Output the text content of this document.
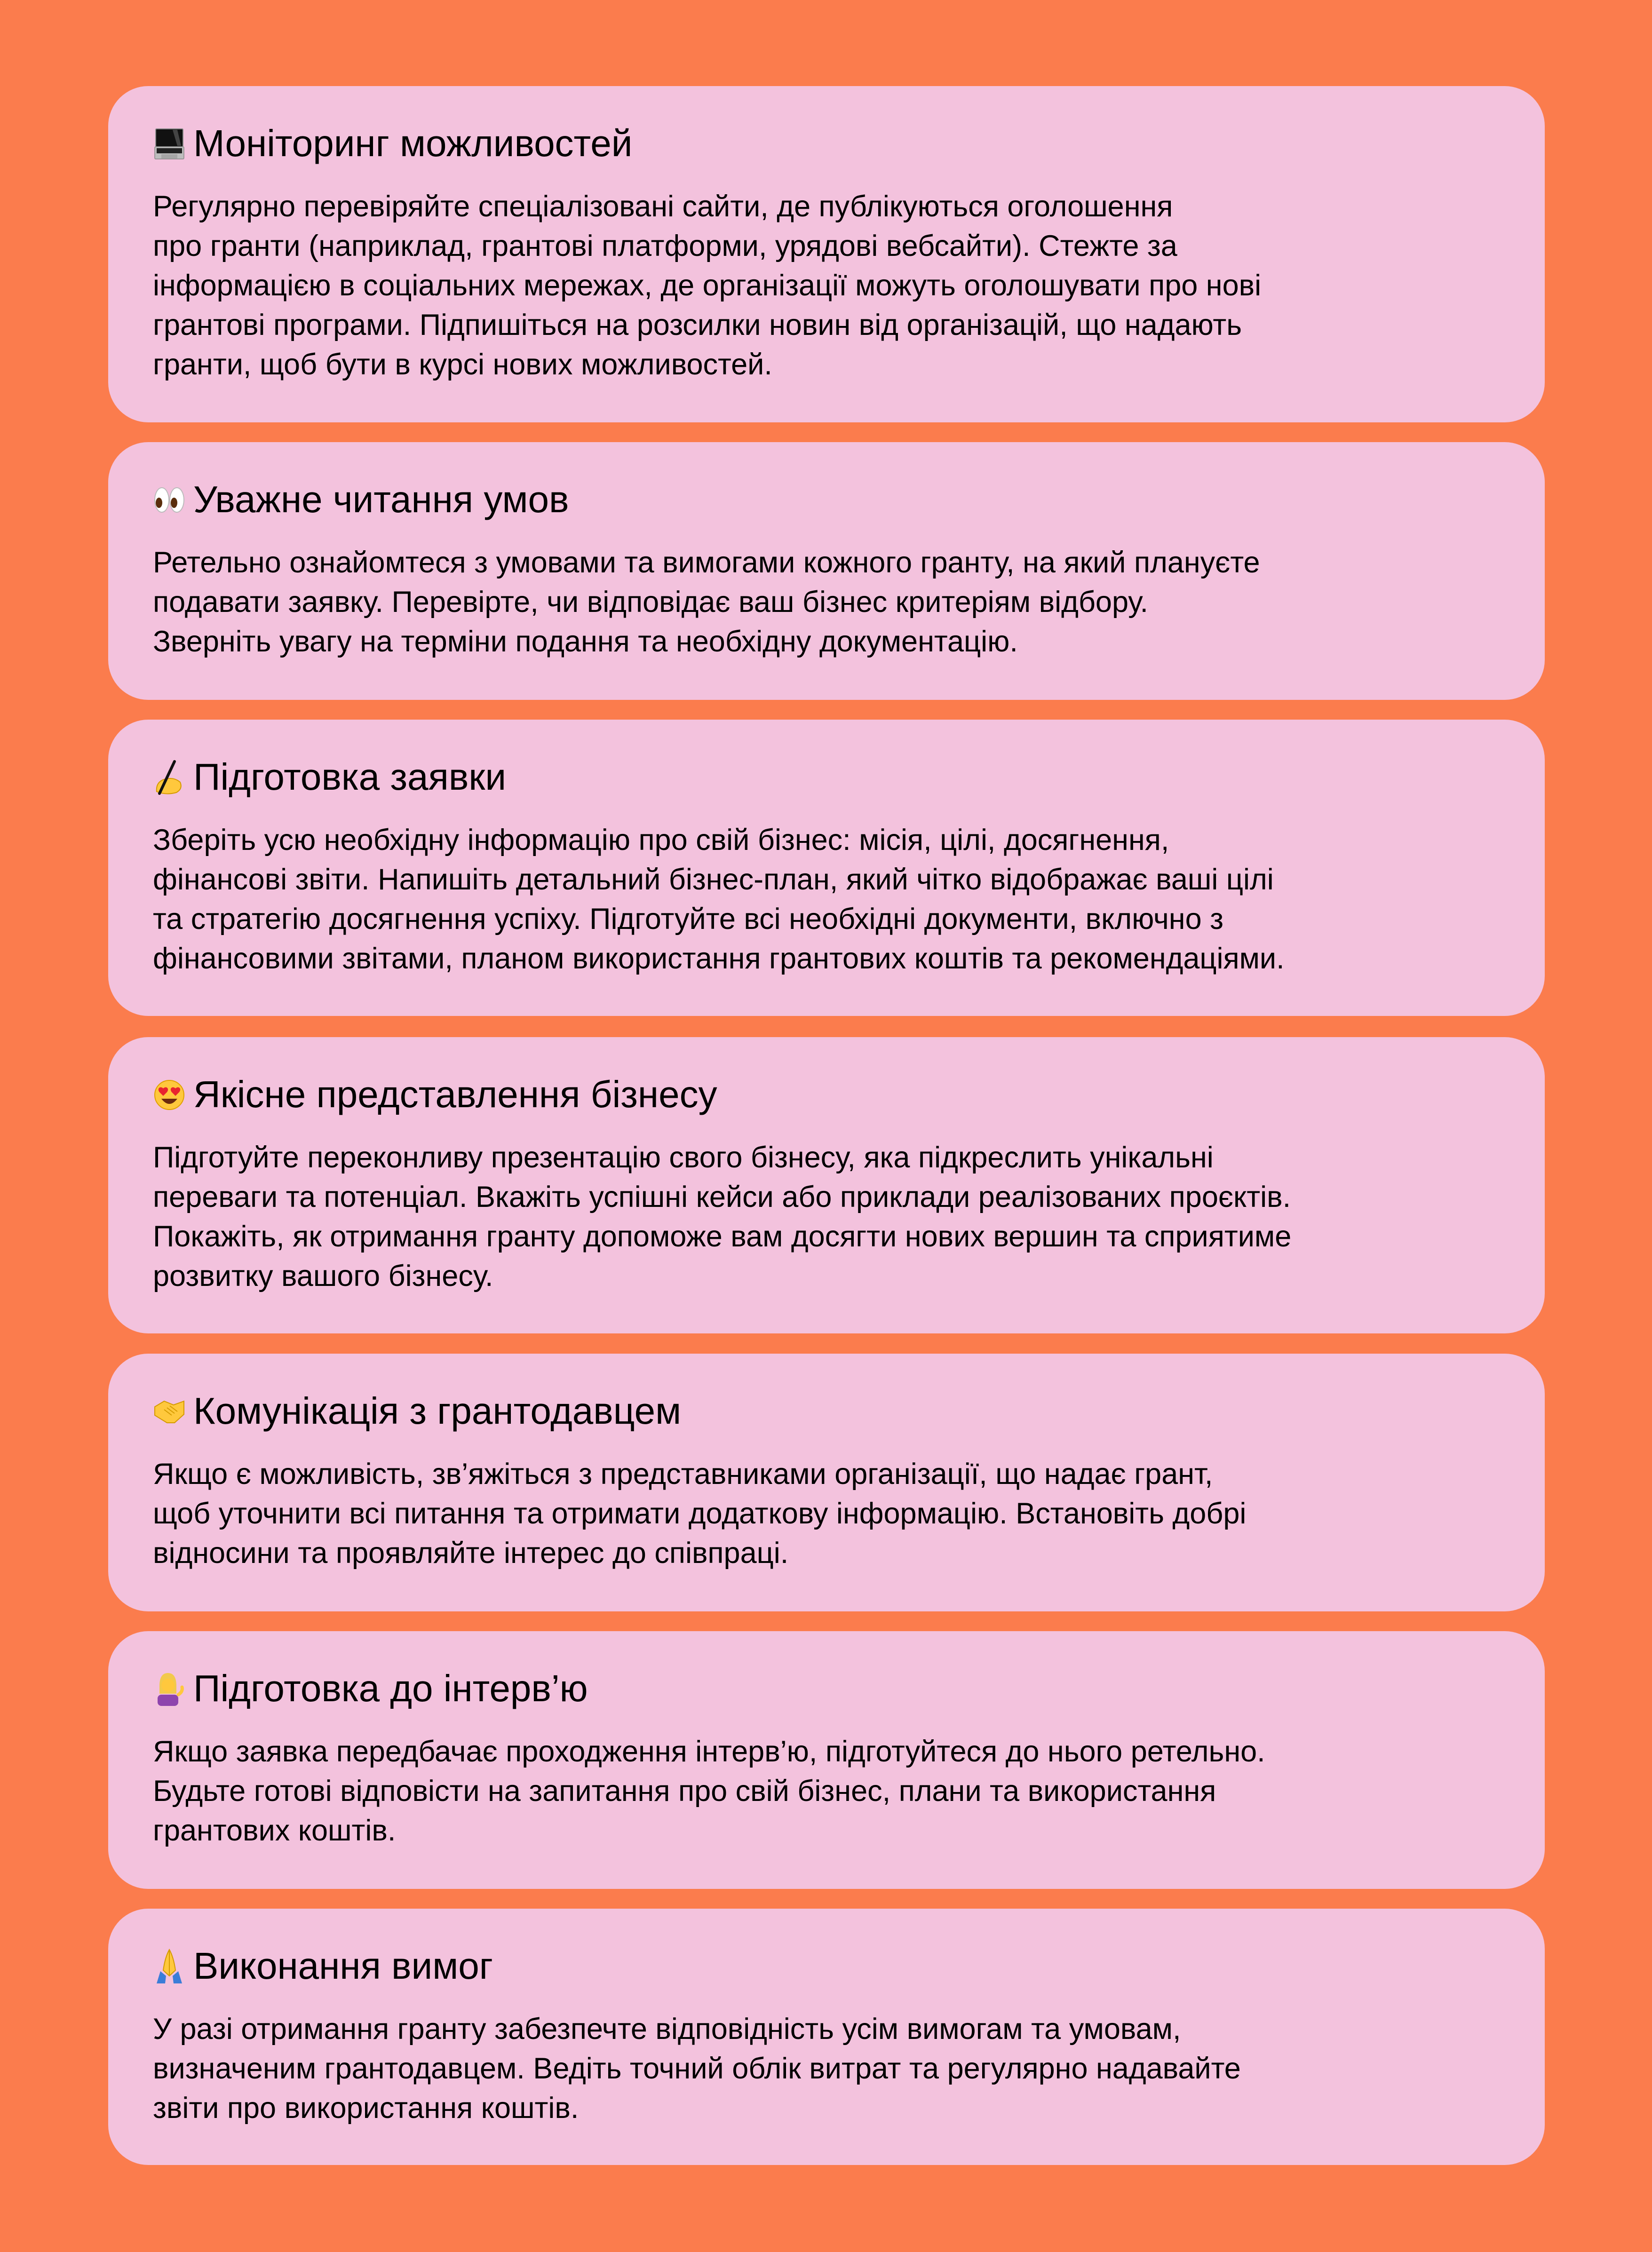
Моніторинг можливостей

Регулярно перевіряйте спеціалізовані сайти, де публікуються оголошення
про гранти (наприклад, грантові платформи, урядові вебсайти). Стежте за
інформацією в соціальних мережах, де організації можуть оголошувати про нові
грантові програми. Підпишіться на розсилки новин від організацій, що надають
гранти, щоб бути в курсі нових можливостей.

Уважне читання умов

Ретельно ознайомтеся з умовами та вимогами кожного гранту, на який плануєте
подавати заявку. Перевірте, чи відповідає ваш бізнес критеріям відбору.
Зверніть увагу на терміни подання та необхідну документацію.

Підготовка заявки

Зберіть усю необхідну інформацію про свій бізнес: місія, цілі, досягнення,
фінансові звіти. Напишіть детальний бізнес-план, який чітко відображає ваші цілі
та стратегію досягнення успіху. Підготуйте всі необхідні документи, включно з
фінансовими звітами, планом використання грантових коштів та рекомендаціями.

Якісне представлення бізнесу

Підготуйте переконливу презентацію свого бізнесу, яка підкреслить унікальні
переваги та потенціал. Вкажіть успішні кейси або приклади реалізованих проєктів.
Покажіть, як отримання гранту допоможе вам досягти нових вершин та сприятиме
розвитку вашого бізнесу.

Комунікація з грантодавцем

Якщо є можливість, зв’яжіться з представниками організації, що надає грант,
щоб уточнити всі питання та отримати додаткову інформацію. Встановіть добрі
відносини та проявляйте інтерес до співпраці.

Підготовка до інтерв’ю

Якщо заявка передбачає проходження інтерв’ю, підготуйтеся до нього ретельно.
Будьте готові відповісти на запитання про свій бізнес, плани та використання
грантових коштів.

Виконання вимог

У разі отримання гранту забезпечте відповідність усім вимогам та умовам,
визначеним грантодавцем. Ведіть точний облік витрат та регулярно надавайте
звіти про використання коштів.
